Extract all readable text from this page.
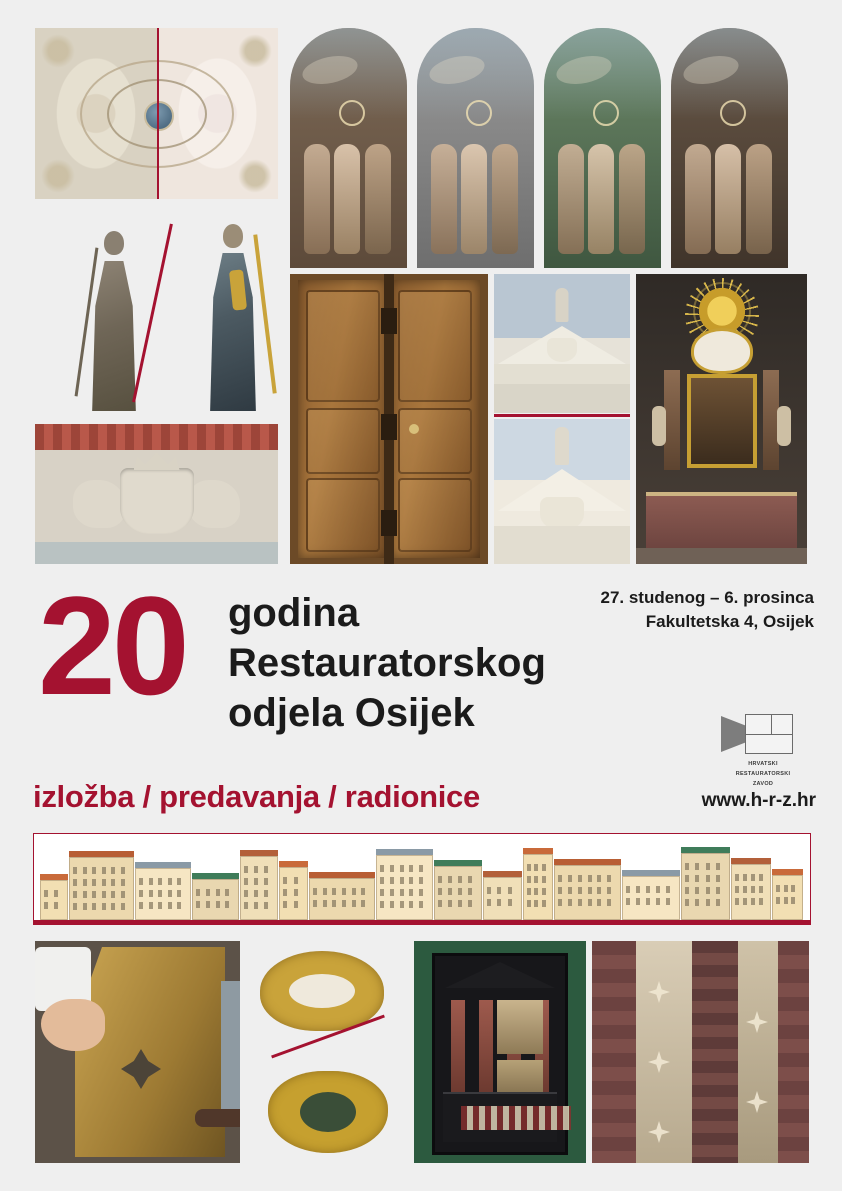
20 godina
Restauratorskog
odjela Osijek
izložba / predavanja / radionice
27. studenog – 6. prosinca
Fakultetska 4, Osijek
HRVATSKI
RESTAURATORSKI
ZAVOD
www.h-r-z.hr
